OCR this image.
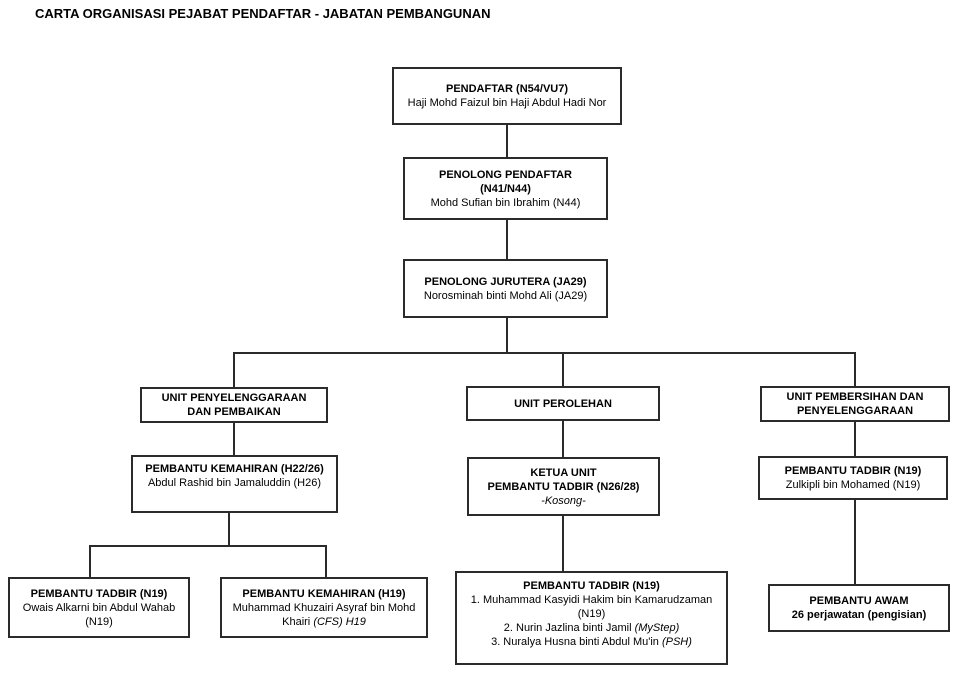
CARTA ORGANISASI PEJABAT PENDAFTAR - JABATAN PEMBANGUNAN
PENDAFTAR (N54/VU7)
Haji Mohd Faizul bin Haji Abdul Hadi Nor
PENOLONG PENDAFTAR
(N41/N44)
Mohd Sufian bin Ibrahim (N44)
PENOLONG JURUTERA (JA29)
Norosminah binti Mohd Ali (JA29)
UNIT PENYELENGGARAAN
DAN PEMBAIKAN
UNIT PEROLEHAN
UNIT PEMBERSIHAN DAN
PENYELENGGARAAN
PEMBANTU KEMAHIRAN (H22/26)
Abdul Rashid bin Jamaluddin (H26)
KETUA UNIT
PEMBANTU TADBIR (N26/28)
-Kosong-
PEMBANTU TADBIR (N19)
Zulkipli bin Mohamed (N19)
PEMBANTU TADBIR (N19)
Owais Alkarni bin Abdul Wahab
(N19)
PEMBANTU KEMAHIRAN (H19)
Muhammad Khuzairi Asyraf bin Mohd Khairi (CFS) H19
PEMBANTU TADBIR (N19)
1. Muhammad Kasyidi Hakim bin Kamarudzaman (N19)
2. Nurin Jazlina binti Jamil (MyStep)
3. Nuralya Husna binti Abdul Mu'in (PSH)
PEMBANTU AWAM
26 perjawatan (pengisian)
